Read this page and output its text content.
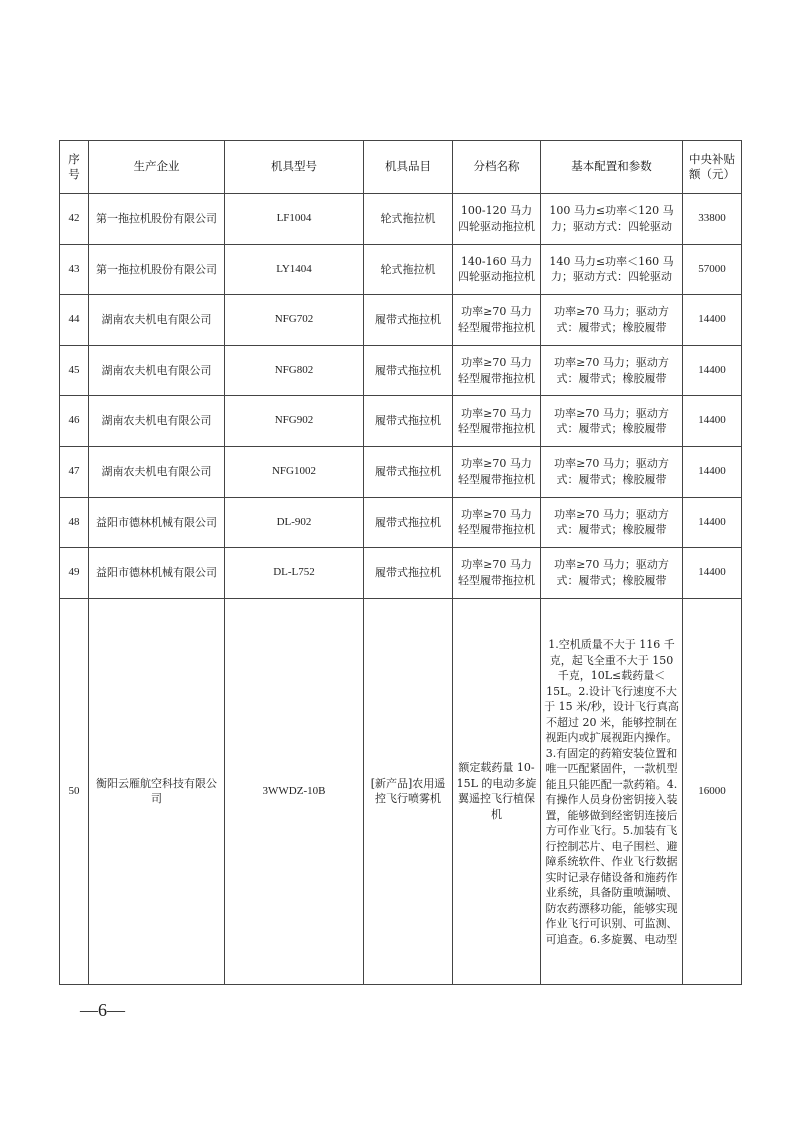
序号	生产企业	机具型号	机具品目	分档名称	基本配置和参数	中央补贴额（元）
42	第一拖拉机股份有限公司	LF1004	轮式拖拉机	100-120 马力四轮驱动拖拉机	100 马力≤功率＜120 马力；驱动方式：四轮驱动	33800
43	第一拖拉机股份有限公司	LY1404	轮式拖拉机	140-160 马力四轮驱动拖拉机	140 马力≤功率＜160 马力；驱动方式：四轮驱动	57000
44	湖南农夫机电有限公司	NFG702	履带式拖拉机	功率≥70 马力轻型履带拖拉机	功率≥70 马力；驱动方式：履带式；橡胶履带	14400
45	湖南农夫机电有限公司	NFG802	履带式拖拉机	功率≥70 马力轻型履带拖拉机	功率≥70 马力；驱动方式：履带式；橡胶履带	14400
46	湖南农夫机电有限公司	NFG902	履带式拖拉机	功率≥70 马力轻型履带拖拉机	功率≥70 马力；驱动方式：履带式；橡胶履带	14400
47	湖南农夫机电有限公司	NFG1002	履带式拖拉机	功率≥70 马力轻型履带拖拉机	功率≥70 马力；驱动方式：履带式；橡胶履带	14400
48	益阳市德林机械有限公司	DL-902	履带式拖拉机	功率≥70 马力轻型履带拖拉机	功率≥70 马力；驱动方式：履带式；橡胶履带	14400
49	益阳市德林机械有限公司	DL-L752	履带式拖拉机	功率≥70 马力轻型履带拖拉机	功率≥70 马力；驱动方式：履带式；橡胶履带	14400
50	衡阳云雁航空科技有限公司	3WWDZ-10B	[新产品]农用遥控飞行喷雾机	额定载药量 10-15L 的电动多旋翼遥控飞行植保机	1.空机质量不大于 116 千克，起飞全重不大于 150 千克，10L≤载药量＜15L。2.设计飞行速度不大于 15 米/秒，设计飞行真高不超过 20 米，能够控制在视距内或扩展视距内操作。3.有固定的药箱安装位置和唯一匹配紧固件，一款机型能且只能匹配一款药箱。4.有操作人员身份密钥接入装置，能够做到经密钥连接后方可作业飞行。5.加装有飞行控制芯片、电子围栏、避障系统软件、作业飞行数据实时记录存储设备和施药作业系统，具备防重喷漏喷、防农药漂移功能，能够实现作业飞行可识别、可监测、可追查。6.多旋翼、电动型	16000
—6—
